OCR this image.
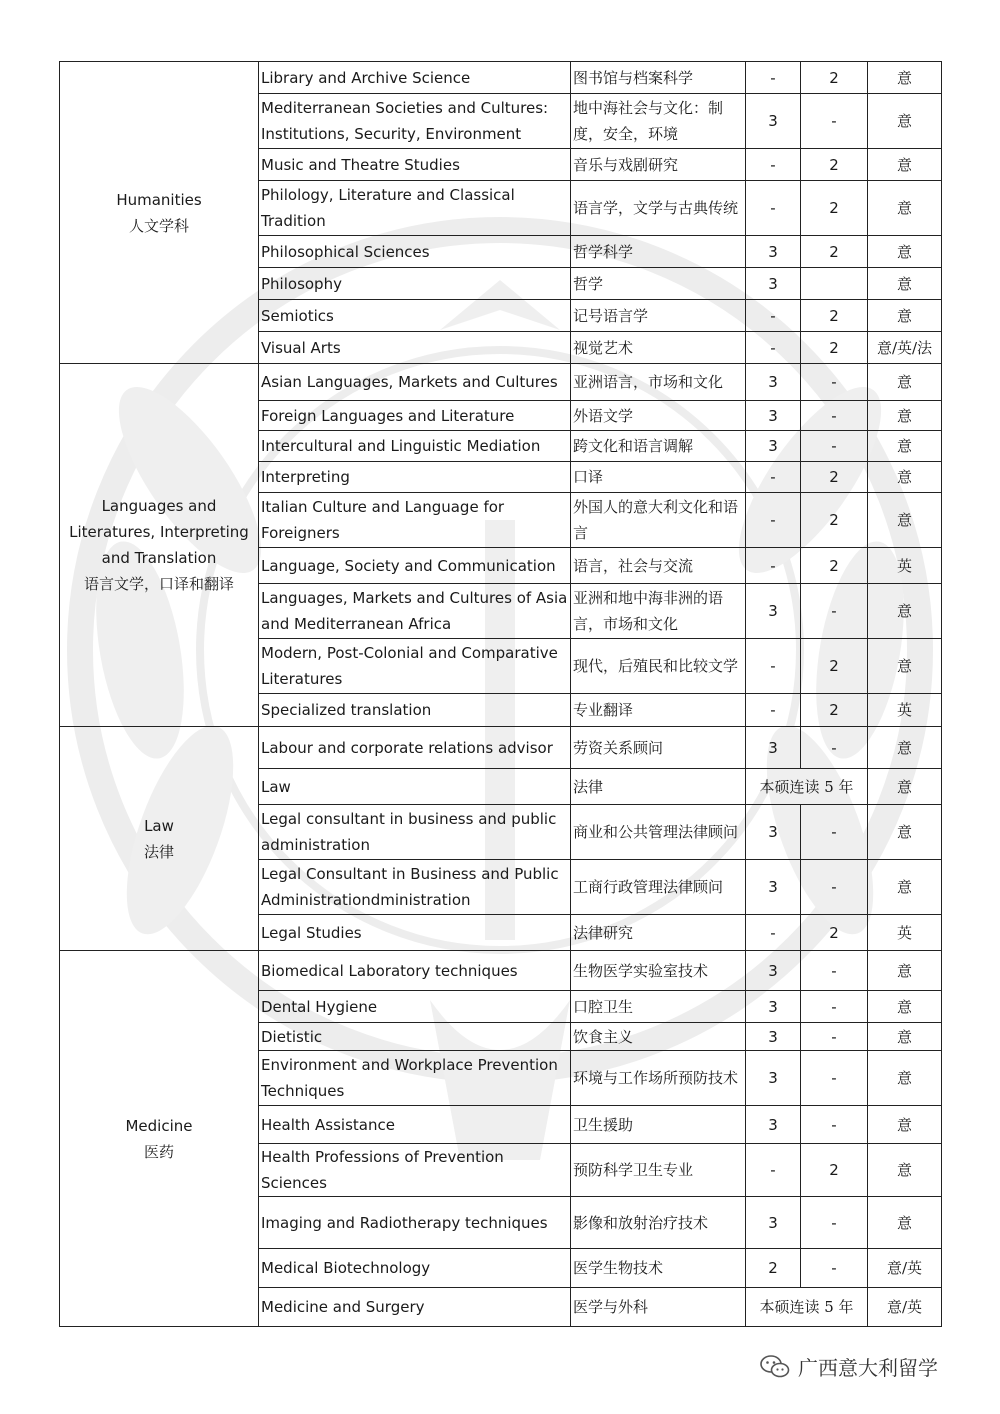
Humanities
人文学科	Library and Archive Science	图书馆与档案科学	-	2	意
	Mediterranean Societies and Cultures: Institutions, Security, Environment	地中海社会与文化：制度，安全，环境	3	-	意
	Music and Theatre Studies	音乐与戏剧研究	-	2	意
	Philology, Literature and Classical Tradition	语言学，文学与古典传统	-	2	意
	Philosophical Sciences	哲学科学	3	2	意
	Philosophy	哲学	3		意
	Semiotics	记号语言学	-	2	意
	Visual Arts	视觉艺术	-	2	意/英/法

Languages and Literatures, Interpreting and Translation
语言文学，口译和翻译	Asian Languages, Markets and Cultures	亚洲语言，市场和文化	3	-	意
	Foreign Languages and Literature	外语文学	3	-	意
	Intercultural and Linguistic Mediation	跨文化和语言调解	3	-	意
	Interpreting	口译	-	2	意
	Italian Culture and Language for Foreigners	外国人的意大利文化和语言	-	2	意
	Language, Society and Communication	语言，社会与交流	-	2	英
	Languages, Markets and Cultures of Asia and Mediterranean Africa	亚洲和地中海非洲的语言，市场和文化	3	-	意
	Modern, Post-Colonial and Comparative Literatures	现代，后殖民和比较文学	-	2	意
	Specialized translation	专业翻译	-	2	英

Law
法律	Labour and corporate relations advisor	劳资关系顾问	3	-	意
	Law	法律	本硕连读 5 年		意
	Legal consultant in business and public administration	商业和公共管理法律顾问	3	-	意
	Legal Consultant in Business and Public Administrationdministration	工商行政管理法律顾问	3	-	意
	Legal Studies	法律研究	-	2	英

Medicine
医药	Biomedical Laboratory techniques	生物医学实验室技术	3	-	意
	Dental Hygiene	口腔卫生	3	-	意
	Dietistic	饮食主义	3	-	意
	Environment and Workplace Prevention Techniques	环境与工作场所预防技术	3	-	意
	Health Assistance	卫生援助	3	-	意
	Health Professions of Prevention Sciences	预防科学卫生专业	-	2	意
	Imaging and Radiotherapy techniques	影像和放射治疗技术	3	-	意
	Medical Biotechnology	医学生物技术	2	-	意/英
	Medicine and Surgery	医学与外科	本硕连读 5 年		意/英
广西意大利留学
